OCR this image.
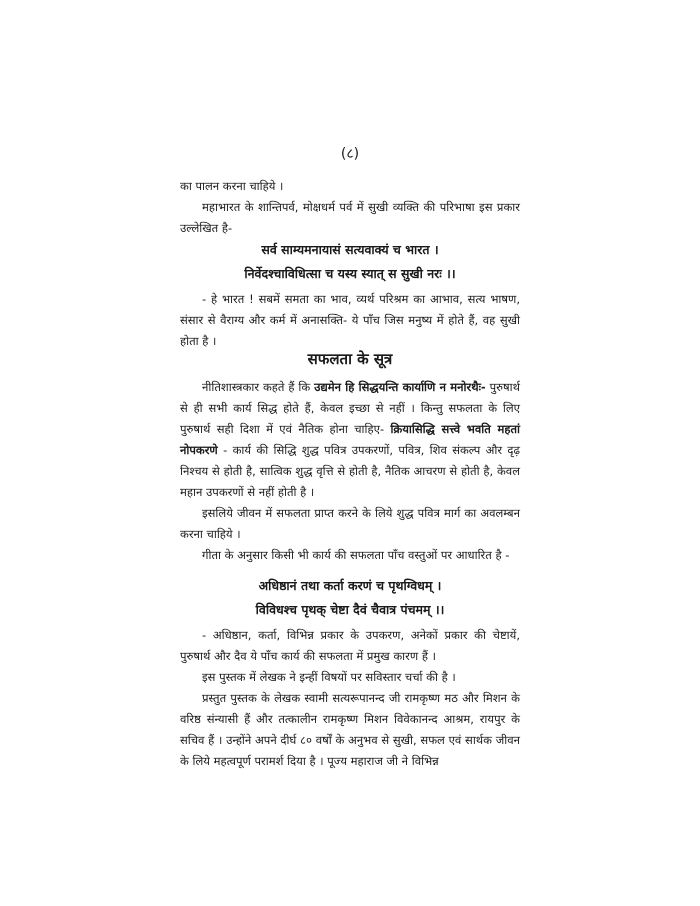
(८)

का पालन करना चाहिये ।

महाभारत के शान्तिपर्व, मोक्षधर्म पर्व में सुखी व्यक्ति की परिभाषा इस प्रकार उल्लेखित है-

सर्व साम्यमनायासं सत्यवाक्यं च भारत ।

निर्वेदश्चाविधित्सा च यस्य स्यात् स सुखी नरः ।।

- हे भारत ! सबमें समता का भाव, व्यर्थ परिश्रम का आभाव, सत्य भाषण, संसार से वैराग्य और कर्म में अनासक्ति- ये पाँच जिस मनुष्य में होते हैं, वह सुखी होता है ।

सफलता के सूत्र

नीतिशास्त्रकार कहते हैं कि उद्यमेन हि सिद्धयन्ति कार्याणि न मनोरथैः- पुरुषार्थ से ही सभी कार्य सिद्ध होते हैं, केवल इच्छा से नहीं । किन्तु सफलता के लिए पुरुषार्थ सही दिशा में एवं नैतिक होना चाहिए- क्रियासिद्धि सत्त्वे भवति महतां नोपकरणे - कार्य की सिद्धि शुद्ध पवित्र उपकरणों, पवित्र, शिव संकल्प और दृढ़ निश्चय से होती है, सात्विक शुद्ध वृत्ति से होती है, नैतिक आचरण से होती है, केवल महान उपकरणों से नहीं होती है ।

इसलिये जीवन में सफलता प्राप्त करने के लिये शुद्ध पवित्र मार्ग का अवलम्बन करना चाहिये ।

गीता के अनुसार किसी भी कार्य की सफलता पाँच वस्तुओं पर आधारित है -

अधिष्ठानं तथा कर्ता करणं च पृथग्विधम् ।

विविधश्च पृथक् चेष्टा दैवं चैवात्र पंचमम् ।।

- अधिष्ठान, कर्ता, विभिन्न प्रकार के उपकरण, अनेकों प्रकार की चेष्टायें, पुरुषार्थ और दैव ये पाँच कार्य की सफलता में प्रमुख कारण हैं ।

इस पुस्तक में लेखक ने इन्हीं विषयों पर सविस्तार चर्चा की है ।

प्रस्तुत पुस्तक के लेखक स्वामी सत्यरूपानन्द जी रामकृष्ण मठ और मिशन के वरिष्ठ संन्यासी हैं और तत्कालीन रामकृष्ण मिशन विवेकानन्द आश्रम, रायपुर के सचिव हैं । उन्होंने अपने दीर्घ ८० वर्षों के अनुभव से सुखी, सफल एवं सार्थक जीवन के लिये महत्वपूर्ण परामर्श दिया है । पूज्य महाराज जी ने विभिन्न
